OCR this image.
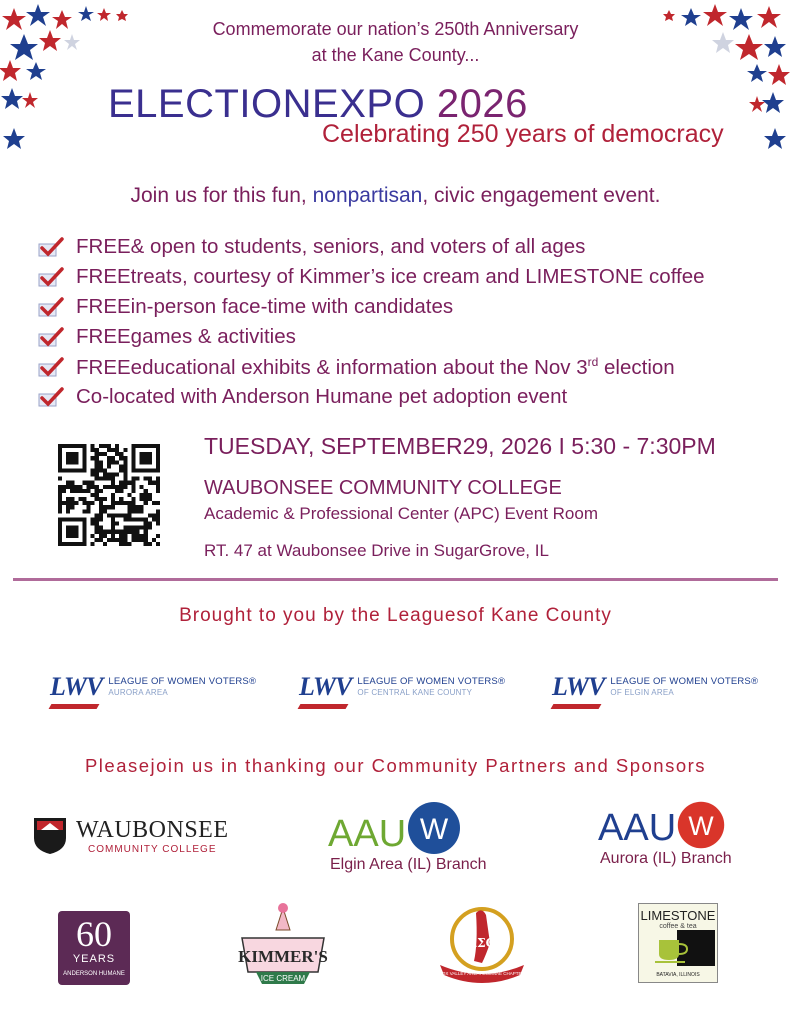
Commemorate our nation’s 250th Anniversary
at the Kane County...
ELECTIONEXPO 2026
Celebrating 250 years of democracy
Join us for this fun, nonpartisan, civic engagement event.
FREE& open to students, seniors, and voters of all ages
FREEtreats, courtesy of Kimmer’s ice cream and LIMESTONE coffee
FREEin-person face-time with candidates
FREEgames & activities
FREEeducational exhibits & information about the Nov 3rd election
Co-located with Anderson Humane pet adoption event
TUESDAY, SEPTEMBER29, 2026 I 5:30 - 7:30PM
WAUBONSEE COMMUNITY COLLEGE
Academic & Professional Center (APC) Event Room
RT. 47 at Waubonsee Drive in SugarGrove, IL
Brought to you by the Leaguesof Kane County
LWV LEAGUE OF WOMEN VOTERS®
AURORA AREA	LWV LEAGUE OF WOMEN VOTERS®
OF CENTRAL KANE COUNTY	LWV LEAGUE OF WOMEN VOTERS®
OF ELGIN AREA
Pleasejoin us in thanking our Community Partners and Sponsors
WAUBONSEE
COMMUNITY COLLEGE	AAU W
Elgin Area (IL) Branch
AAU W
Aurora (IL) Branch
60
YEARS
ANDERSON HUMANE
KIMMER'S
ICE CREAM
ΔΣΘ
FOX VALLEY AREA ALUMNAE CHAPTER
Chartered 1977
LIMESTONE
coffee & tea
BATAVIA, ILLINOIS
